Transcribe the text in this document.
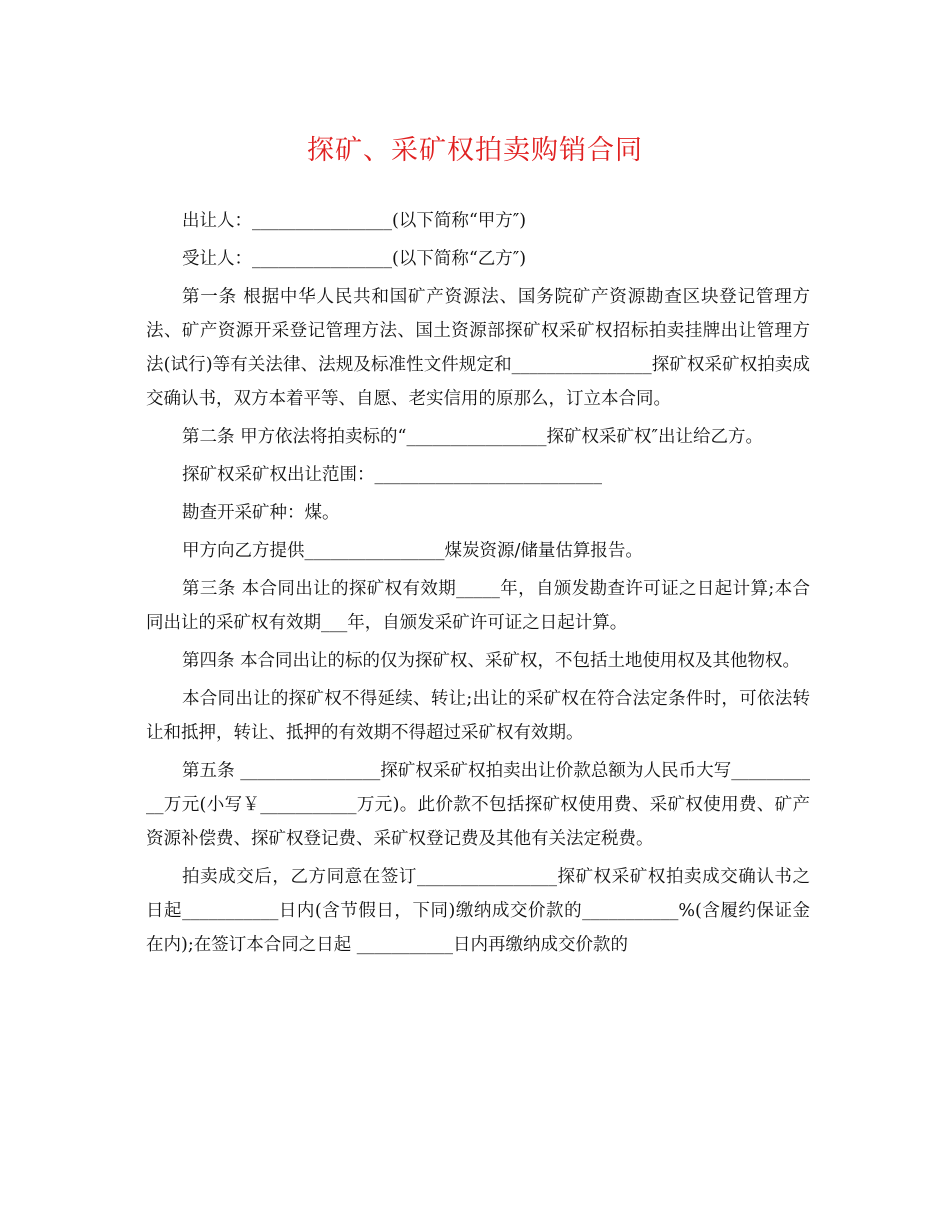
探矿、采矿权拍卖购销合同

出让人：________________(以下简称“甲方″)

受让人：________________(以下简称“乙方″)

第一条 根据中华人民共和国矿产资源法、国务院矿产资源勘查区块登记管理方法、矿产资源开采登记管理方法、国土资源部探矿权采矿权招标拍卖挂牌出让管理方法(试行)等有关法律、法规及标准性文件规定和________________探矿权采矿权拍卖成交确认书，双方本着平等、自愿、老实信用的原那么，订立本合同。

第二条 甲方依法将拍卖标的“________________探矿权采矿权″出让给乙方。

探矿权采矿权出让范围：__________________________

勘查开采矿种：煤。

甲方向乙方提供________________煤炭资源/储量估算报告。

第三条 本合同出让的探矿权有效期_____年，自颁发勘查许可证之日起计算;本合同出让的采矿权有效期___年，自颁发采矿许可证之日起计算。

第四条 本合同出让的标的仅为探矿权、采矿权，不包括土地使用权及其他物权。

本合同出让的探矿权不得延续、转让;出让的采矿权在符合法定条件时，可依法转让和抵押，转让、抵押的有效期不得超过采矿权有效期。

第五条 ________________探矿权采矿权拍卖出让价款总额为人民币大写___________万元(小写￥___________万元)。此价款不包括探矿权使用费、采矿权使用费、矿产资源补偿费、探矿权登记费、采矿权登记费及其他有关法定税费。

拍卖成交后，乙方同意在签订________________探矿权采矿权拍卖成交确认书之日起___________日内(含节假日，下同)缴纳成交价款的___________%(含履约保证金在内);在签订本合同之日起 ___________日内再缴纳成交价款的
